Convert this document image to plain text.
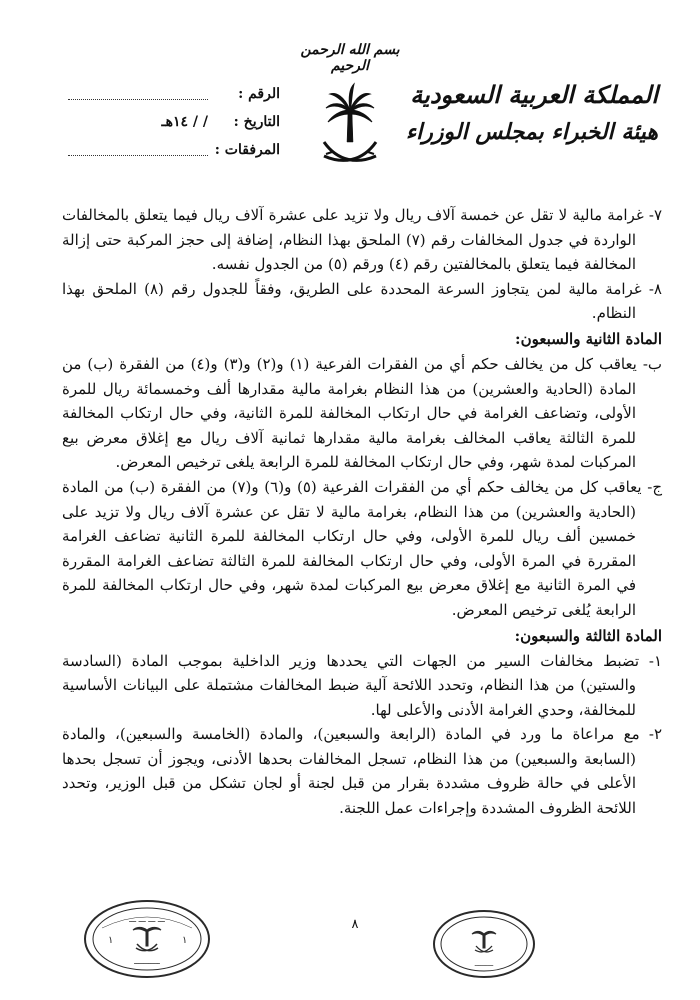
بسم الله الرحمن الرحيم
المملكة العربية السعودية
هيئة الخبراء بمجلس الوزراء
الرقم :
التاريخ :
/ / ١٤هـ
المرفقات :

٧- غرامة مالية لا تقل عن خمسة آلاف ريال ولا تزيد على عشرة آلاف ريال فيما يتعلق بالمخالفات الواردة في جدول المخالفات رقم (٧) الملحق بهذا النظام، إضافة إلى حجز المركبة حتى إزالة المخالفة فيما يتعلق بالمخالفتين رقم (٤) ورقم (٥) من الجدول نفسه.

٨- غرامة مالية لمن يتجاوز السرعة المحددة على الطريق، وفقاً للجدول رقم (٨) الملحق بهذا النظام.

المادة الثانية والسبعون:

ب- يعاقب كل من يخالف حكم أي من الفقرات الفرعية (١) و(٢) و(٣) و(٤) من الفقرة (ب) من المادة (الحادية والعشرين) من هذا النظام بغرامة مالية مقدارها ألف وخمسمائة ريال للمرة الأولى، وتضاعف الغرامة في حال ارتكاب المخالفة للمرة الثانية، وفي حال ارتكاب المخالفة للمرة الثالثة يعاقب المخالف بغرامة مالية مقدارها ثمانية آلاف ريال مع إغلاق معرض بيع المركبات لمدة شهر، وفي حال ارتكاب المخالفة للمرة الرابعة يلغى ترخيص المعرض.

ج- يعاقب كل من يخالف حكم أي من الفقرات الفرعية (٥) و(٦) و(٧) من الفقرة (ب) من المادة (الحادية والعشرين) من هذا النظام، بغرامة مالية لا تقل عن عشرة آلاف ريال ولا تزيد على خمسين ألف ريال للمرة الأولى، وفي حال ارتكاب المخالفة للمرة الثانية تضاعف الغرامة المقررة في المرة الأولى، وفي حال ارتكاب المخالفة للمرة الثالثة تضاعف الغرامة المقررة في المرة الثانية مع إغلاق معرض بيع المركبات لمدة شهر، وفي حال ارتكاب المخالفة للمرة الرابعة يُلغى ترخيص المعرض.

المادة الثالثة والسبعون:

١- تضبط مخالفات السير من الجهات التي يحددها وزير الداخلية بموجب المادة (السادسة والستين) من هذا النظام، وتحدد اللائحة آلية ضبط المخالفات مشتملة على البيانات الأساسية للمخالفة، وحدي الغرامة الأدنى والأعلى لها.

٢- مع مراعاة ما ورد في المادة (الرابعة والسبعين)، والمادة (الخامسة والسبعين)، والمادة (السابعة والسبعين) من هذا النظام، تسجل المخالفات بحدها الأدنى، ويجوز أن تسجل بحدها الأعلى في حالة ظروف مشددة بقرار من قبل لجنة أو لجان تشكل من قبل الوزير، وتحدد اللائحة الظروف المشددة وإجراءات عمل اللجنة.

٨
ـــ ـــ ـــ ـــ
١	١
ـــــــــــ	ـــــــــ
